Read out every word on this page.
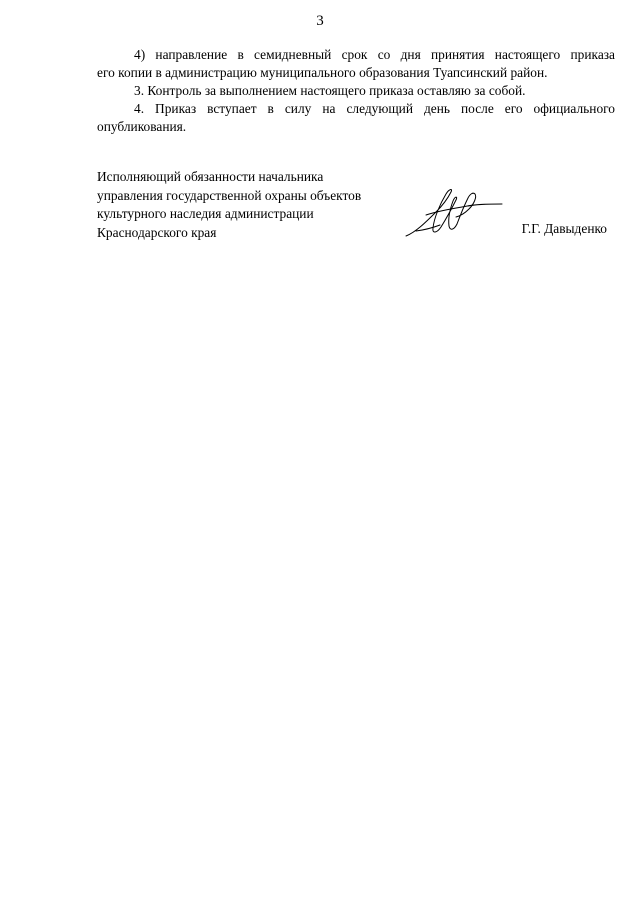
3

4) направление в семидневный срок со дня принятия настоящего приказа

его копии в администрацию муниципального образования Туапсинский район.

3. Контроль за выполнением настоящего приказа оставляю за собой.

4. Приказ вступает в силу на следующий день после его официального

опубликования.

Исполняющий обязанности начальника
управления государственной охраны объектов
культурного наследия администрации
Краснодарского края	Г.Г. Давыденко
